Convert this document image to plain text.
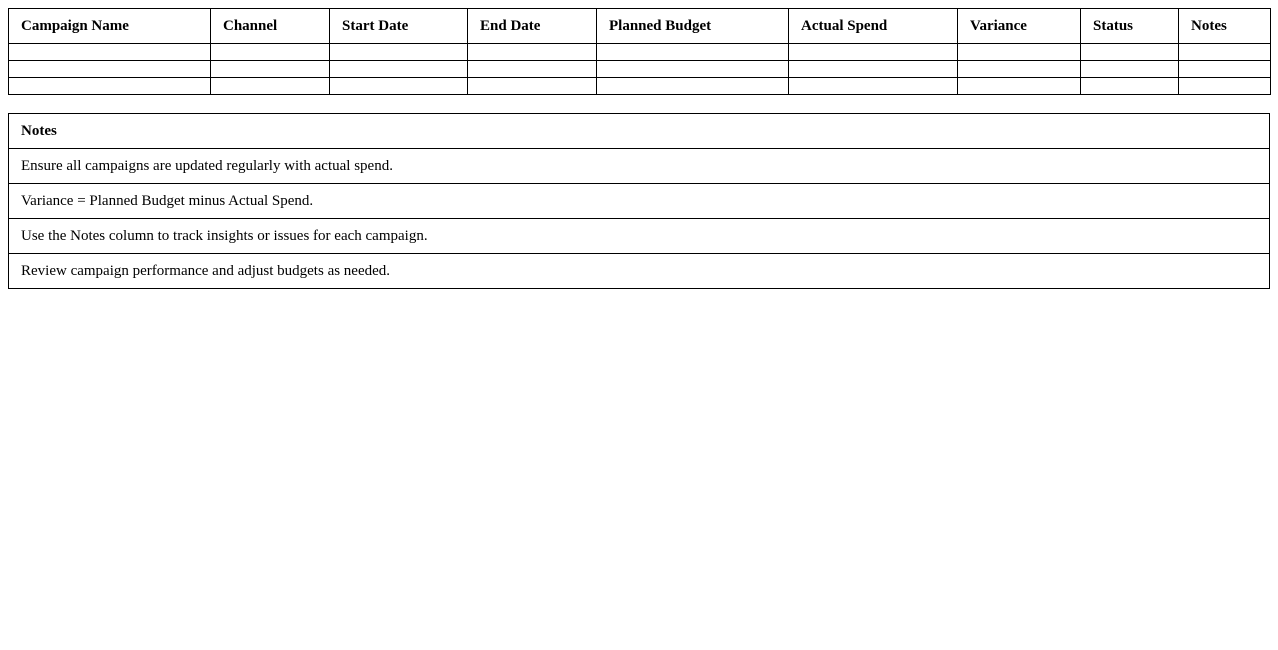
Campaign Name	Channel	Start Date	End Date	Planned Budget	Actual Spend	Variance	Status	Notes

Notes
Ensure all campaigns are updated regularly with actual spend.
Variance = Planned Budget minus Actual Spend.
Use the Notes column to track insights or issues for each campaign.
Review campaign performance and adjust budgets as needed.
